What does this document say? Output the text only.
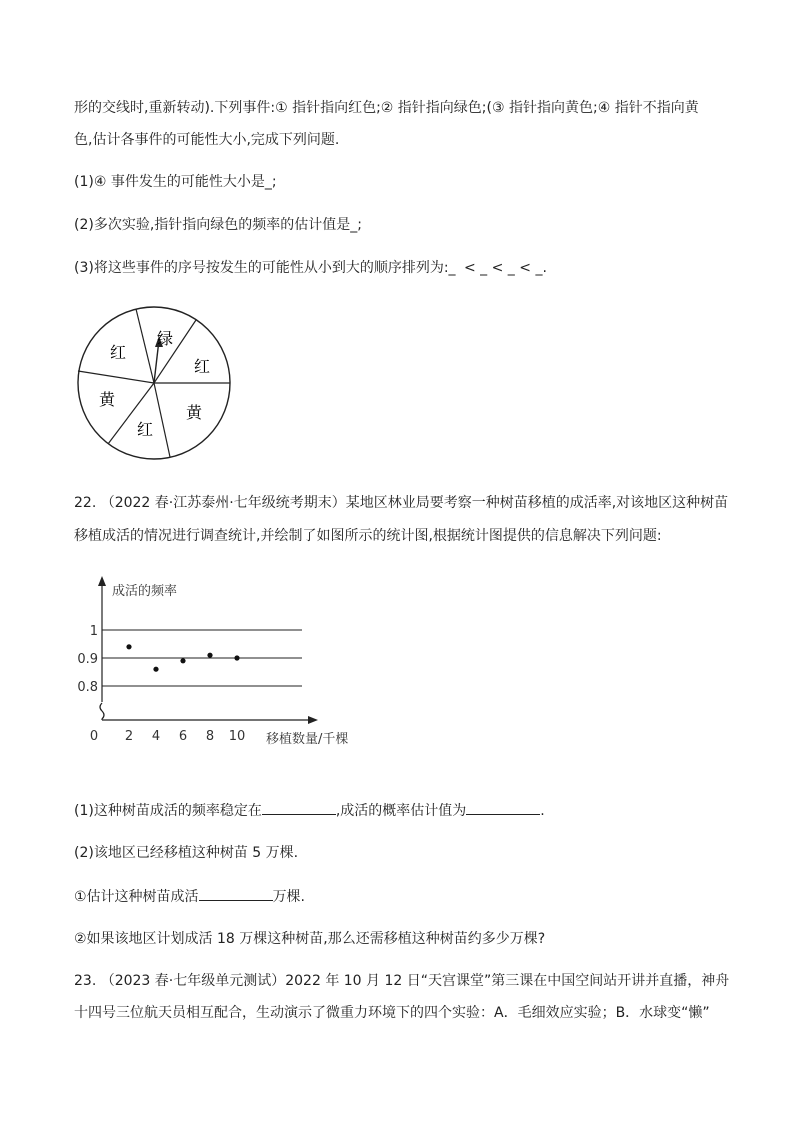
形的交线时,重新转动).下列事件:① 指针指向红色;② 指针指向绿色;(③ 指针指向黄色;④ 指针不指向黄
色,估计各事件的可能性大小,完成下列问题.
(1)④ 事件发生的可能性大小是_;
(2)多次实验,指针指向绿色的频率的估计值是_;
(3)将这些事件的序号按发生的可能性从小到大的顺序排列为:_ < _ < _ < _.
绿
红
黄
红
黄
红
22. （2022 春·江苏泰州·七年级统考期末）某地区林业局要考察一种树苗移植的成活率,对该地区这种树苗
移植成活的情况进行调查统计,并绘制了如图所示的统计图,根据统计图提供的信息解决下列问题:
1
0.9
0.8
0 2 4 6 8 10
成活的频率
移植数量/千棵
(1)这种树苗成活的频率稳定在	,成活的概率估计值为	.
(2)该地区已经移植这种树苗 5 万棵.
①估计这种树苗成活	万棵.
②如果该地区计划成活 18 万棵这种树苗,那么还需移植这种树苗约多少万棵?
23. （2023 春·七年级单元测试）2022 年 10 月 12 日“天宫课堂”第三课在中国空间站开讲并直播，神舟
十四号三位航天员相互配合，生动演示了微重力环境下的四个实验：A．毛细效应实验；B．水球变“懒”
